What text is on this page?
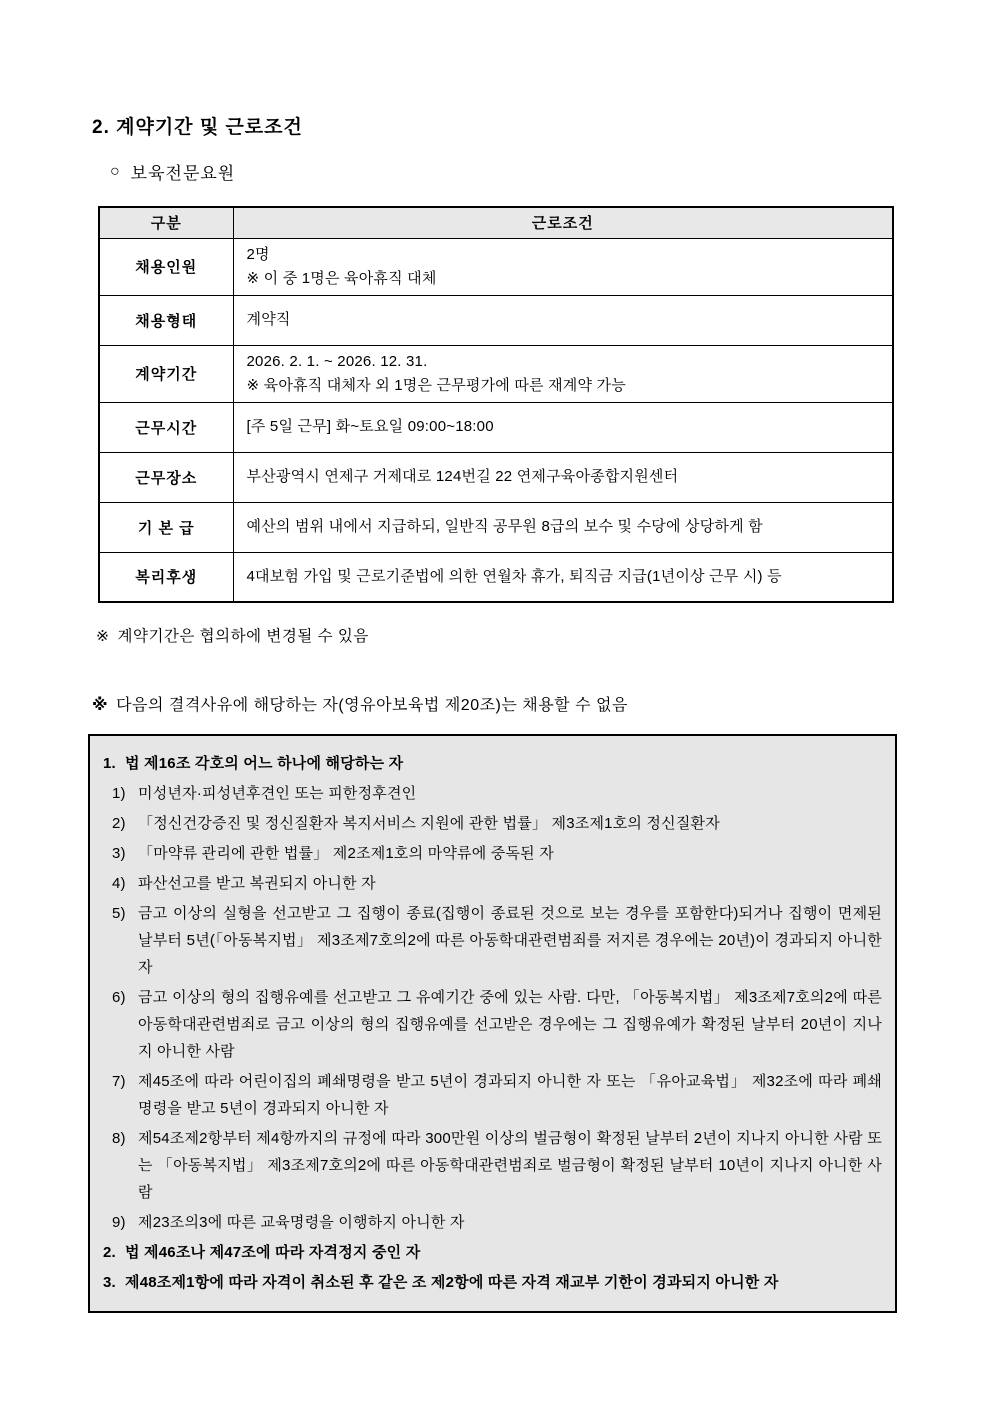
2. 계약기간 및 근로조건
○ 보육전문요원
구분	근로조건
채용인원	2명
※ 이 중 1명은 육아휴직 대체

채용형태	계약직

계약기간	2026. 2. 1. ~ 2026. 12. 31.
※ 육아휴직 대체자 외 1명은 근무평가에 따른 재계약 가능

근무시간	[주 5일 근무] 화~토요일 09:00~18:00

근무장소	부산광역시 연제구 거제대로 124번길 22 연제구육아종합지원센터

기 본 급	예산의 범위 내에서 지급하되, 일반직 공무원 8급의 보수 및 수당에 상당하게 함

복리후생	4대보험 가입 및 근로기준법에 의한 연월차 휴가, 퇴직금 지급(1년이상 근무 시) 등

※ 계약기간은 협의하에 변경될 수 있음

※ 다음의 결격사유에 해당하는 자(영유아보육법 제20조)는 채용할 수 없음

1. 법 제16조 각호의 어느 하나에 해당하는 자
1) 미성년자·피성년후견인 또는 피한정후견인
2) 「정신건강증진 및 정신질환자 복지서비스 지원에 관한 법률」 제3조제1호의 정신질환자
3) 「마약류 관리에 관한 법률」 제2조제1호의 마약류에 중독된 자
4) 파산선고를 받고 복권되지 아니한 자
5) 금고 이상의 실형을 선고받고 그 집행이 종료(집행이 종료된 것으로 보는 경우를 포함한다)되거나 집행이 면제된 날부터 5년(「아동복지법」 제3조제7호의2에 따른 아동학대관련범죄를 저지른 경우에는 20년)이 경과되지 아니한 자
6) 금고 이상의 형의 집행유예를 선고받고 그 유예기간 중에 있는 사람. 다만, 「아동복지법」 제3조제7호의2에 따른 아동학대관련범죄로 금고 이상의 형의 집행유예를 선고받은 경우에는 그 집행유예가 확정된 날부터 20년이 지나지 아니한 사람
7) 제45조에 따라 어린이집의 폐쇄명령을 받고 5년이 경과되지 아니한 자 또는 「유아교육법」 제32조에 따라 폐쇄명령을 받고 5년이 경과되지 아니한 자
8) 제54조제2항부터 제4항까지의 규정에 따라 300만원 이상의 벌금형이 확정된 날부터 2년이 지나지 아니한 사람 또는 「아동복지법」 제3조제7호의2에 따른 아동학대관련범죄로 벌금형이 확정된 날부터 10년이 지나지 아니한 사람
9) 제23조의3에 따른 교육명령을 이행하지 아니한 자
2. 법 제46조나 제47조에 따라 자격정지 중인 자
3. 제48조제1항에 따라 자격이 취소된 후 같은 조 제2항에 따른 자격 재교부 기한이 경과되지 아니한 자
